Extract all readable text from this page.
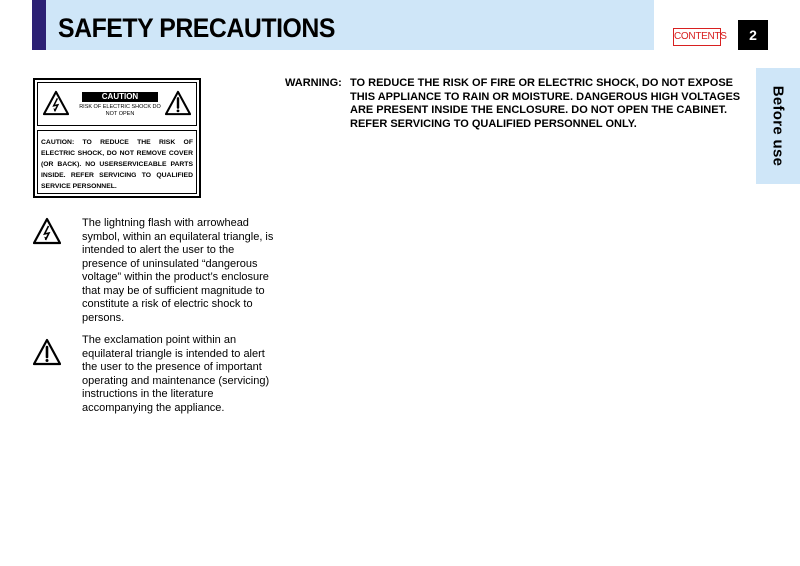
SAFETY PRECAUTIONS	CONTENTS	2
Before use
CAUTION
RISK OF ELECTRIC SHOCK DO NOT OPEN
CAUTION: TO REDUCE THE RISK OF ELECTRIC SHOCK, DO NOT REMOVE COVER (OR BACK). NO USERSERVICEABLE PARTS INSIDE. REFER SERVICING TO QUALIFIED SERVICE PERSONNEL.

The lightning flash with arrowhead symbol, within an equilateral triangle, is intended to alert the user to the presence of uninsulated “dangerous voltage” within the product’s enclosure that may be of sufficient magnitude to constitute a risk of electric shock to persons.

The exclamation point within an equilateral triangle is intended to alert the user to the presence of important operating and maintenance (servicing) instructions in the literature accompanying the appliance.

WARNING: TO REDUCE THE RISK OF FIRE OR ELECTRIC SHOCK, DO NOT EXPOSE THIS APPLIANCE TO RAIN OR MOISTURE. DANGEROUS HIGH VOLTAGES ARE PRESENT INSIDE THE ENCLOSURE. DO NOT OPEN THE CABINET. REFER SERVICING TO QUALIFIED PERSONNEL ONLY.
